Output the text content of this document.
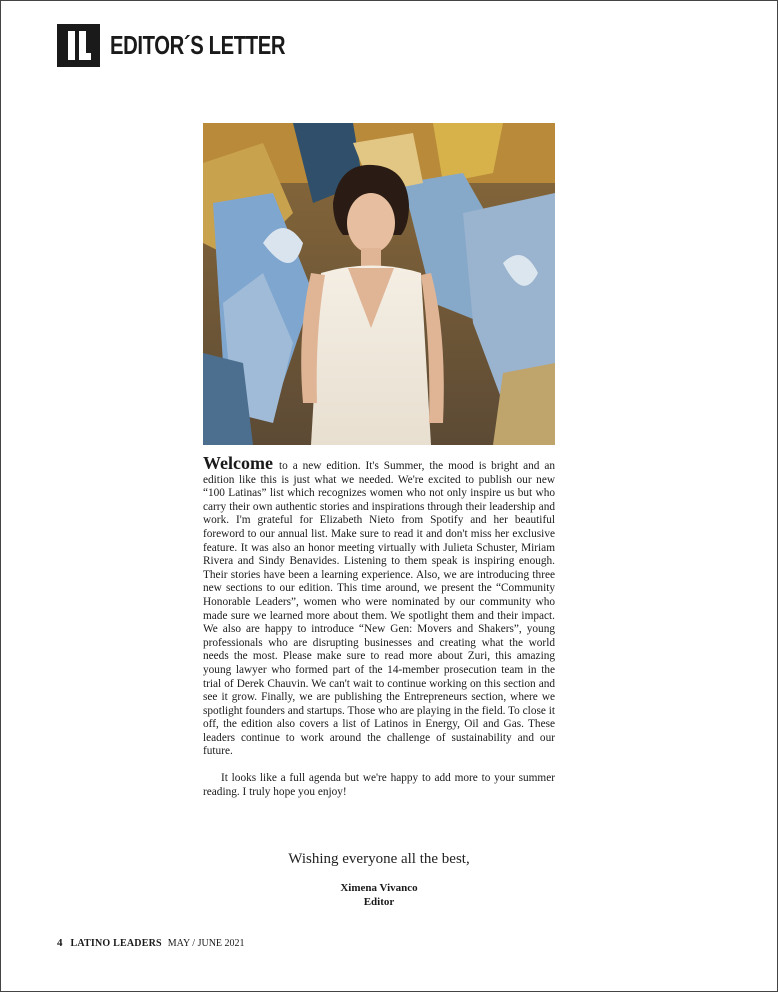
EDITOR´S LETTER

Welcome to a new edition. It's Summer, the mood is bright and an edition like this is just what we needed. We're excited to publish our new “100 Latinas” list which recognizes women who not only inspire us but who carry their own authentic stories and inspirations through their leadership and work. I'm grateful for Elizabeth Nieto from Spotify and her beautiful foreword to our annual list. Make sure to read it and don't miss her exclusive feature. It was also an honor meeting virtually with Julieta Schuster, Miriam Rivera and Sindy Benavides. Listening to them speak is inspiring enough. Their stories have been a learning experience. Also, we are introducing three new sections to our edition. This time around, we present the “Community Honorable Leaders”, women who were nominated by our community who made sure we learned more about them. We spotlight them and their impact. We also are happy to introduce “New Gen: Movers and Shakers”, young professionals who are disrupting businesses and creating what the world needs the most. Please make sure to read more about Zuri, this amazing young lawyer who formed part of the 14-member prosecution team in the trial of Derek Chauvin. We can't wait to continue working on this section and see it grow. Finally, we are publishing the Entrepreneurs section, where we spotlight founders and startups. Those who are playing in the field. To close it off, the edition also covers a list of Latinos in Energy, Oil and Gas. These leaders continue to work around the challenge of sustainability and our future.

It looks like a full agenda but we're happy to add more to your summer reading. I truly hope you enjoy!

Wishing everyone all the best,
Ximena Vivanco
Editor
4 LATINO LEADERS MAY / JUNE 2021
